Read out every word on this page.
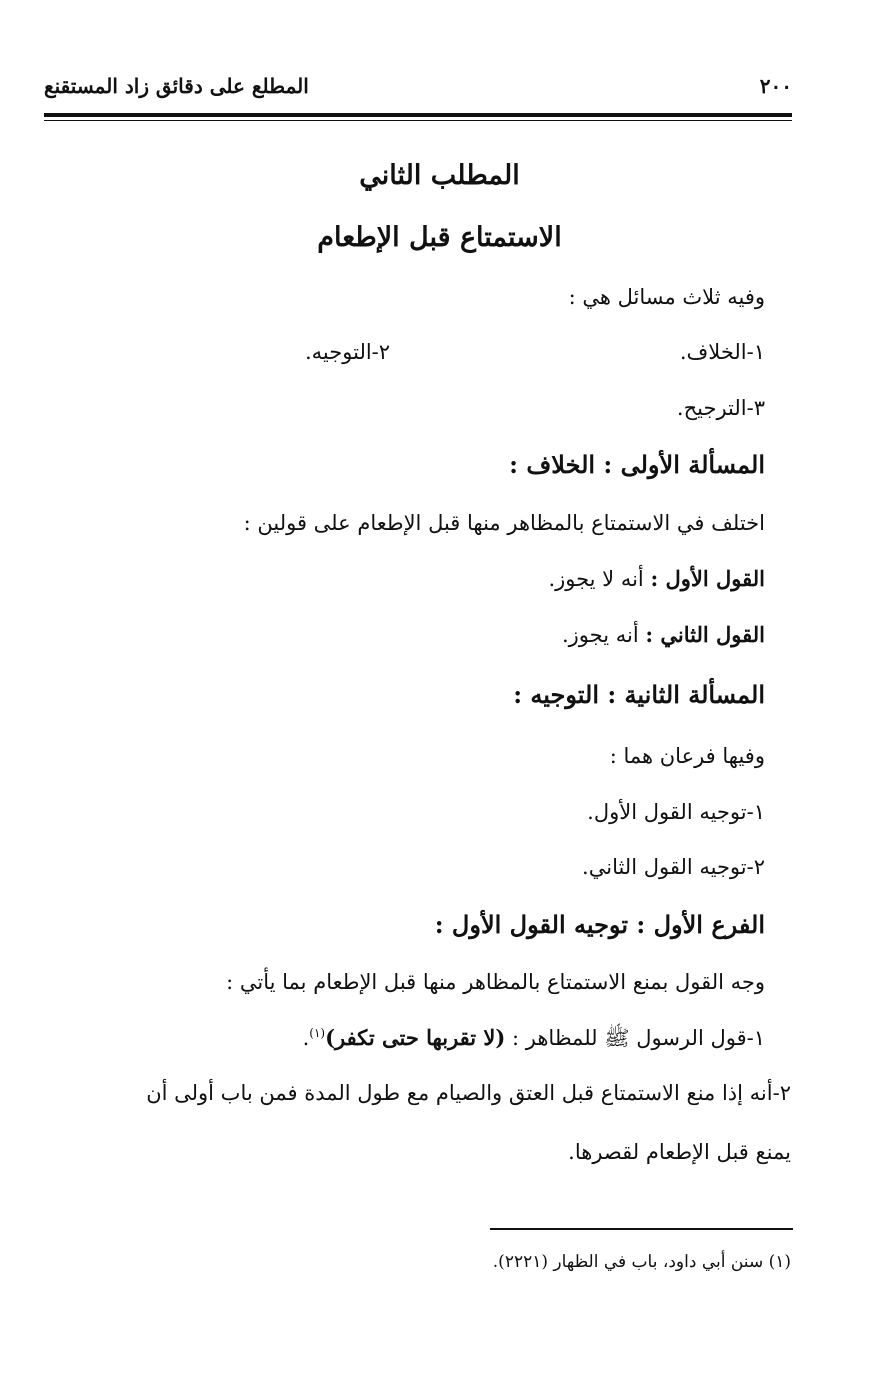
٢٠٠
المطلع على دقائق زاد المستقنع
المطلب الثاني
الاستمتاع قبل الإطعام
وفيه ثلاث مسائل هي :
١-الخلاف.
٢-التوجيه.
٣-الترجيح.
المسألة الأولى : الخلاف :
اختلف في الاستمتاع بالمظاهر منها قبل الإطعام على قولين :
القول الأول : أنه لا يجوز.
القول الثاني : أنه يجوز.
المسألة الثانية : التوجيه :
وفيها فرعان هما :
١-توجيه القول الأول.
٢-توجيه القول الثاني.
الفرع الأول : توجيه القول الأول :
وجه القول بمنع الاستمتاع بالمظاهر منها قبل الإطعام بما يأتي :
١-قول الرسول ﷺ للمظاهر : (لا تقربها حتى تكفر)$^{(١)}$.
٢-أنه إذا منع الاستمتاع قبل العتق والصيام مع طول المدة فمن باب أولى أن
يمنع قبل الإطعام لقصرها.
(١) سنن أبي داود، باب في الظهار (٢٢٢١).
